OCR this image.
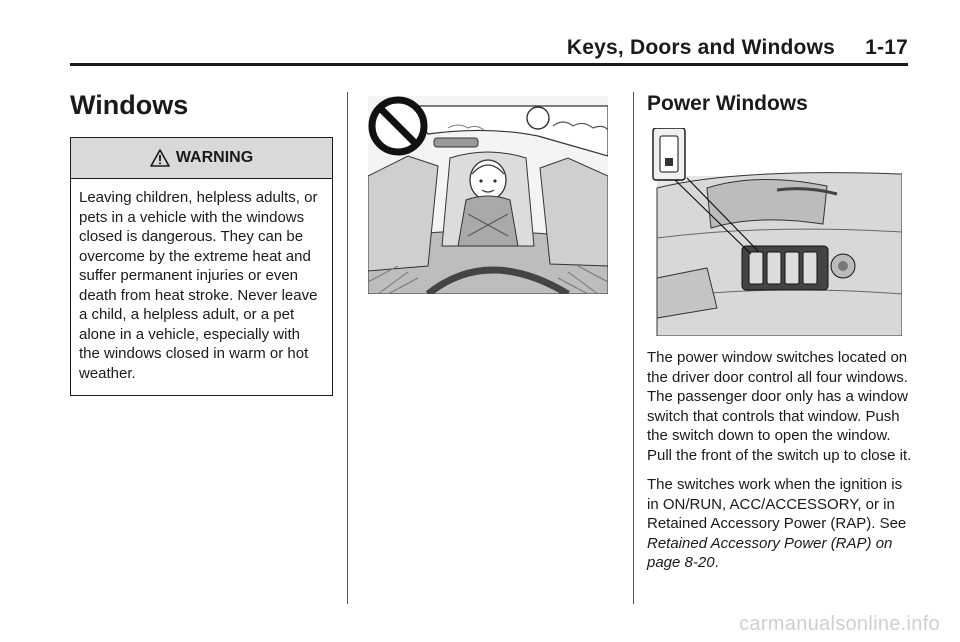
Keys, Doors and Windows     1-17
Windows
WARNING
Leaving children, helpless adults, or pets in a vehicle with the windows closed is dangerous. They can be overcome by the extreme heat and suffer permanent injuries or even death from heat stroke. Never leave a child, a helpless adult, or a pet alone in a vehicle, especially with the windows closed in warm or hot weather.
Power Windows

The power window switches located on the driver door control all four windows. The passenger door only has a window switch that controls that window. Push the switch down to open the window. Pull the front of the switch up to close it.

The switches work when the ignition is in ON/RUN, ACC/ACCESSORY, or in Retained Accessory Power (RAP). See Retained Accessory Power (RAP) on page 8-20.

carmanualsonline.info
